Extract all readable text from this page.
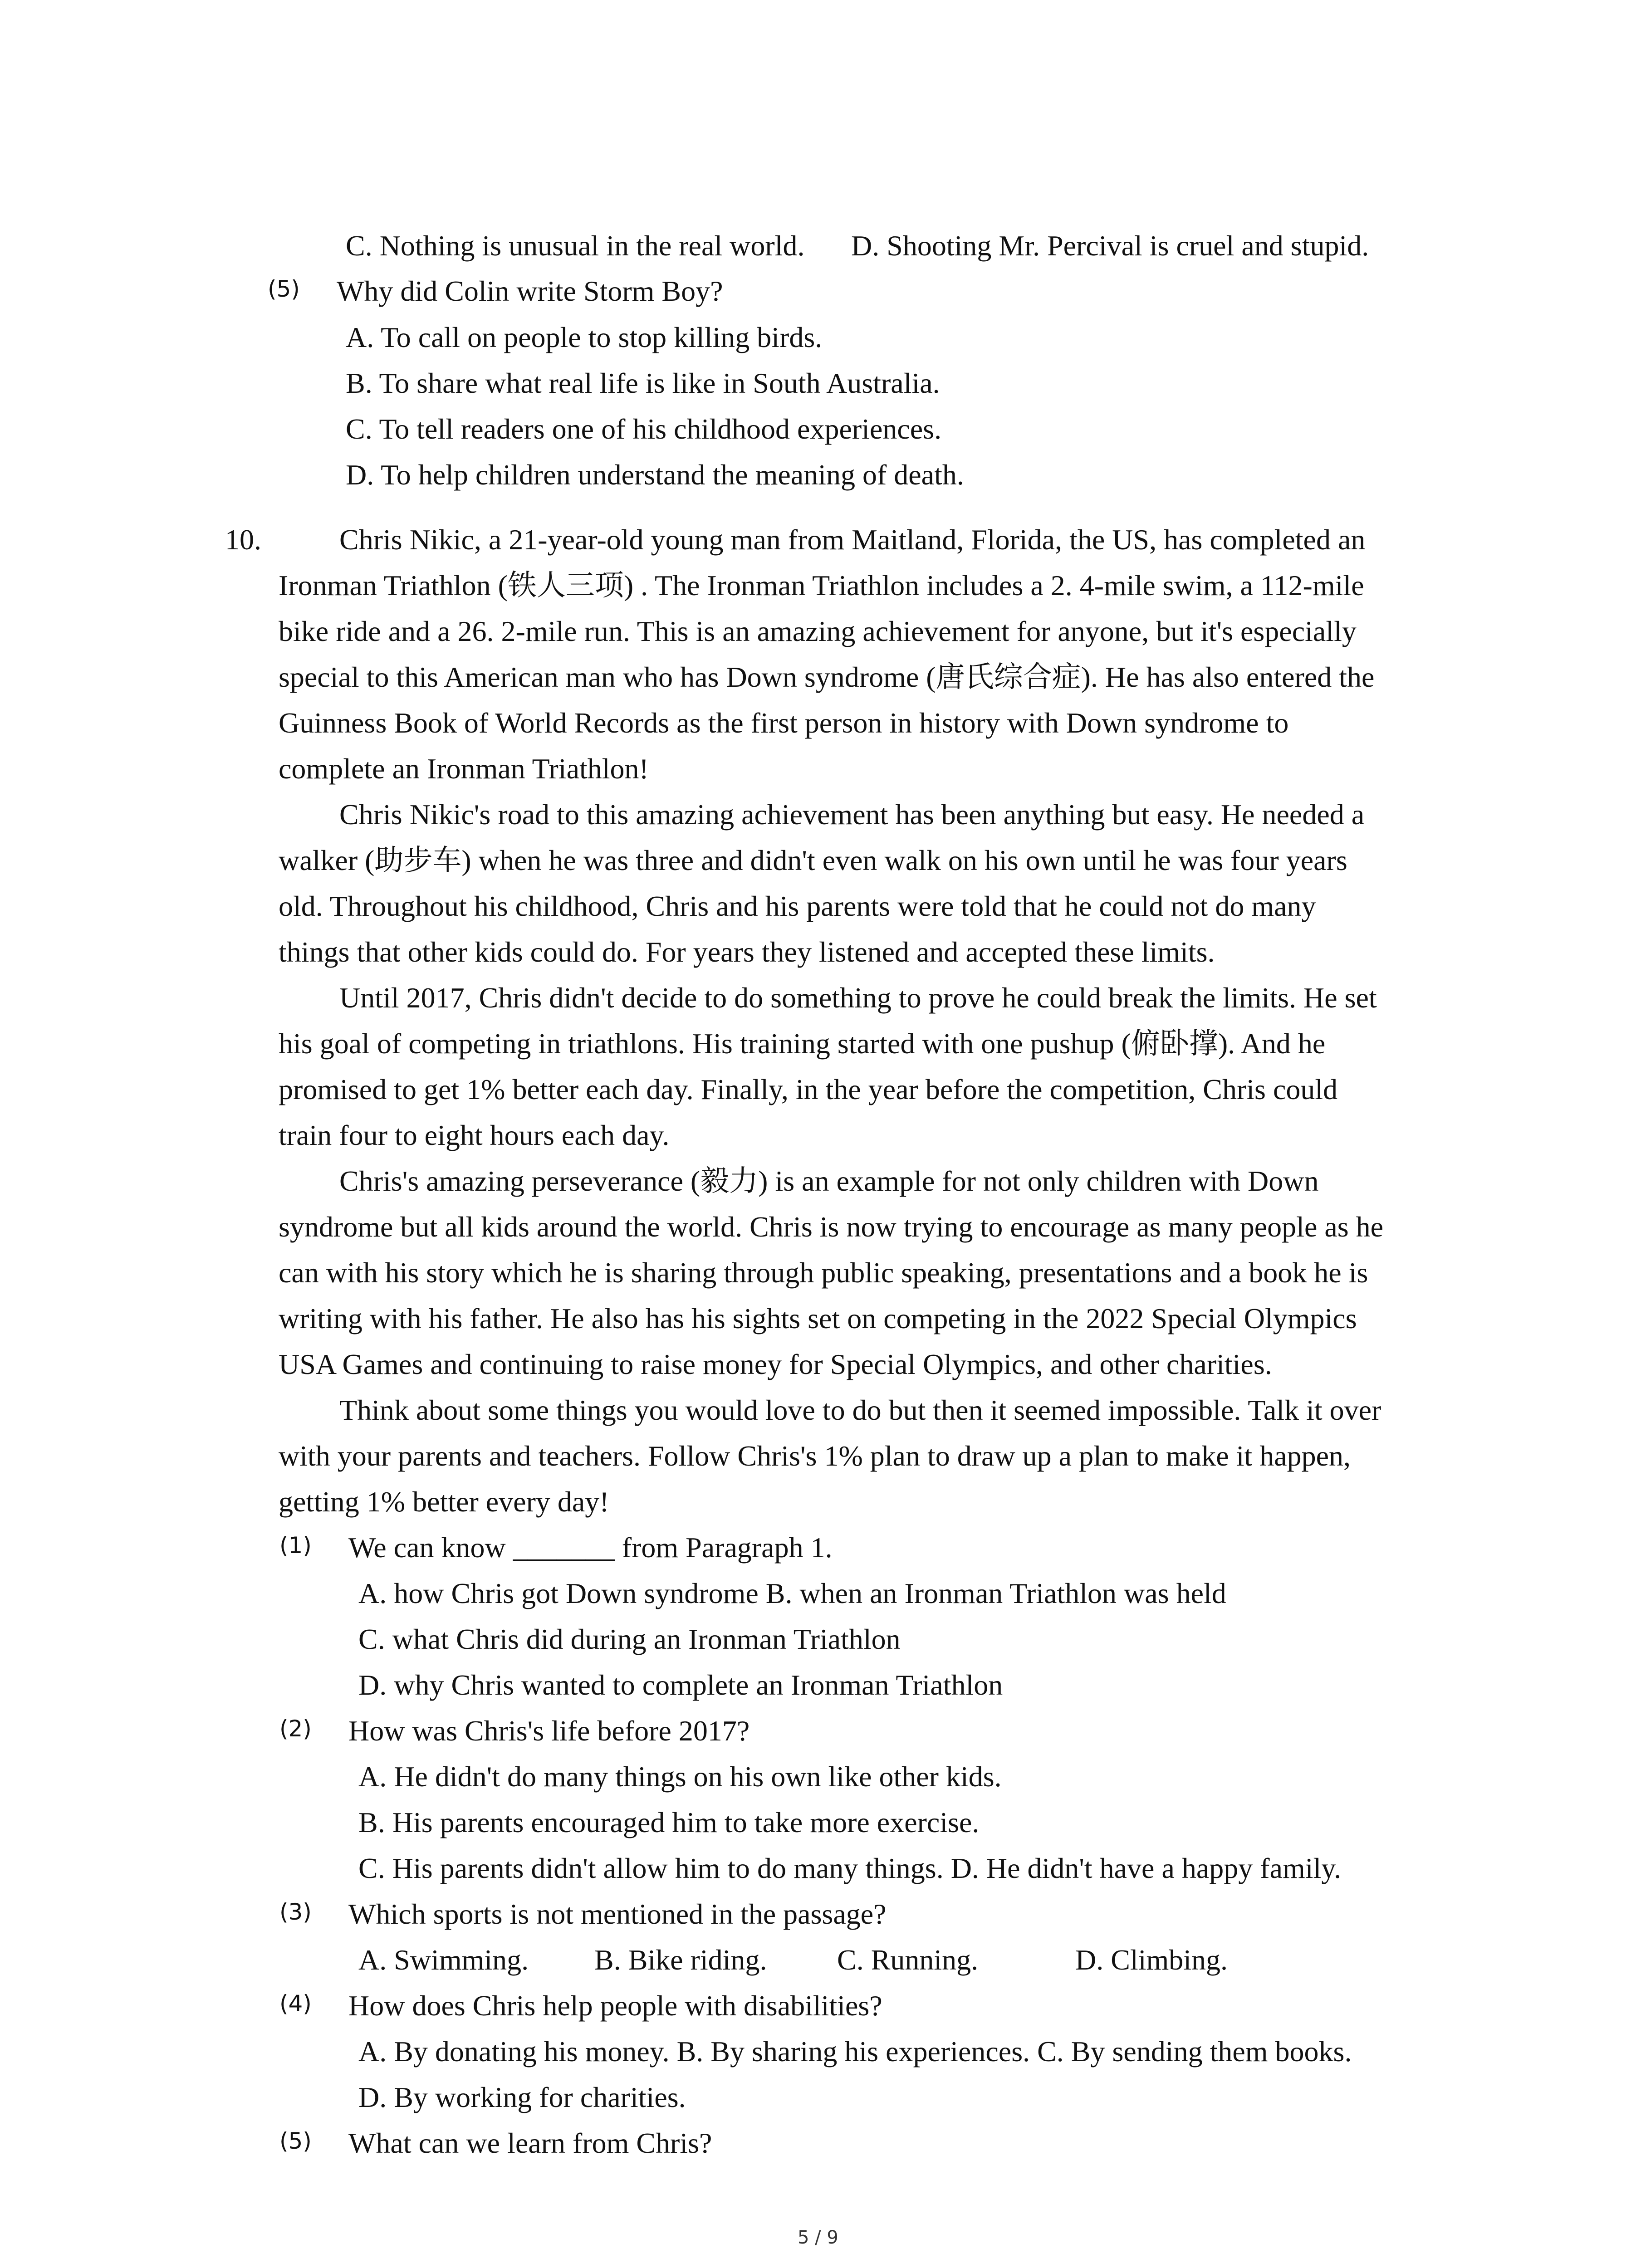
C. Nothing is unusual in the real world. D. Shooting Mr. Percival is cruel and stupid.
(5) Why did Colin write Storm Boy?
A. To call on people to stop killing birds.
B. To share what real life is like in South Australia.
C. To tell readers one of his childhood experiences.
D. To help children understand the meaning of death.
10.	Chris Nikic, a 21-year-old young man from Maitland, Florida, the US, has completed an
Ironman Triathlon (铁人三项) . The Ironman Triathlon includes a 2. 4-mile swim, a 112-mile
bike ride and a 26. 2-mile run. This is an amazing achievement for anyone, but it's especially
special to this American man who has Down syndrome (唐氏综合症). He has also entered the
Guinness Book of World Records as the first person in history with Down syndrome to
complete an Ironman Triathlon!
Chris Nikic's road to this amazing achievement has been anything but easy. He needed a
walker (助步车) when he was three and didn't even walk on his own until he was four years
old. Throughout his childhood, Chris and his parents were told that he could not do many
things that other kids could do. For years they listened and accepted these limits.
Until 2017, Chris didn't decide to do something to prove he could break the limits. He set
his goal of competing in triathlons. His training started with one pushup (俯卧撑). And he
promised to get 1% better each day. Finally, in the year before the competition, Chris could
train four to eight hours each day.
Chris's amazing perseverance (毅力) is an example for not only children with Down
syndrome but all kids around the world. Chris is now trying to encourage as many people as he
can with his story which he is sharing through public speaking, presentations and a book he is
writing with his father. He also has his sights set on competing in the 2022 Special Olympics
USA Games and continuing to raise money for Special Olympics, and other charities.
Think about some things you would love to do but then it seemed impossible. Talk it over
with your parents and teachers. Follow Chris's 1% plan to draw up a plan to make it happen,
getting 1% better every day!
(1) We can know _______ from Paragraph 1.
A. how Chris got Down syndrome B. when an Ironman Triathlon was held
C. what Chris did during an Ironman Triathlon
D. why Chris wanted to complete an Ironman Triathlon
(2) How was Chris's life before 2017?
A. He didn't do many things on his own like other kids.
B. His parents encouraged him to take more exercise.
C. His parents didn't allow him to do many things. D. He didn't have a happy family.
(3) Which sports is not mentioned in the passage?
A. Swimming. B. Bike riding. C. Running.	D. Climbing.
(4) How does Chris help people with disabilities?
A. By donating his money. B. By sharing his experiences. C. By sending them books.
D. By working for charities.
(5) What can we learn from Chris?
5 / 9
